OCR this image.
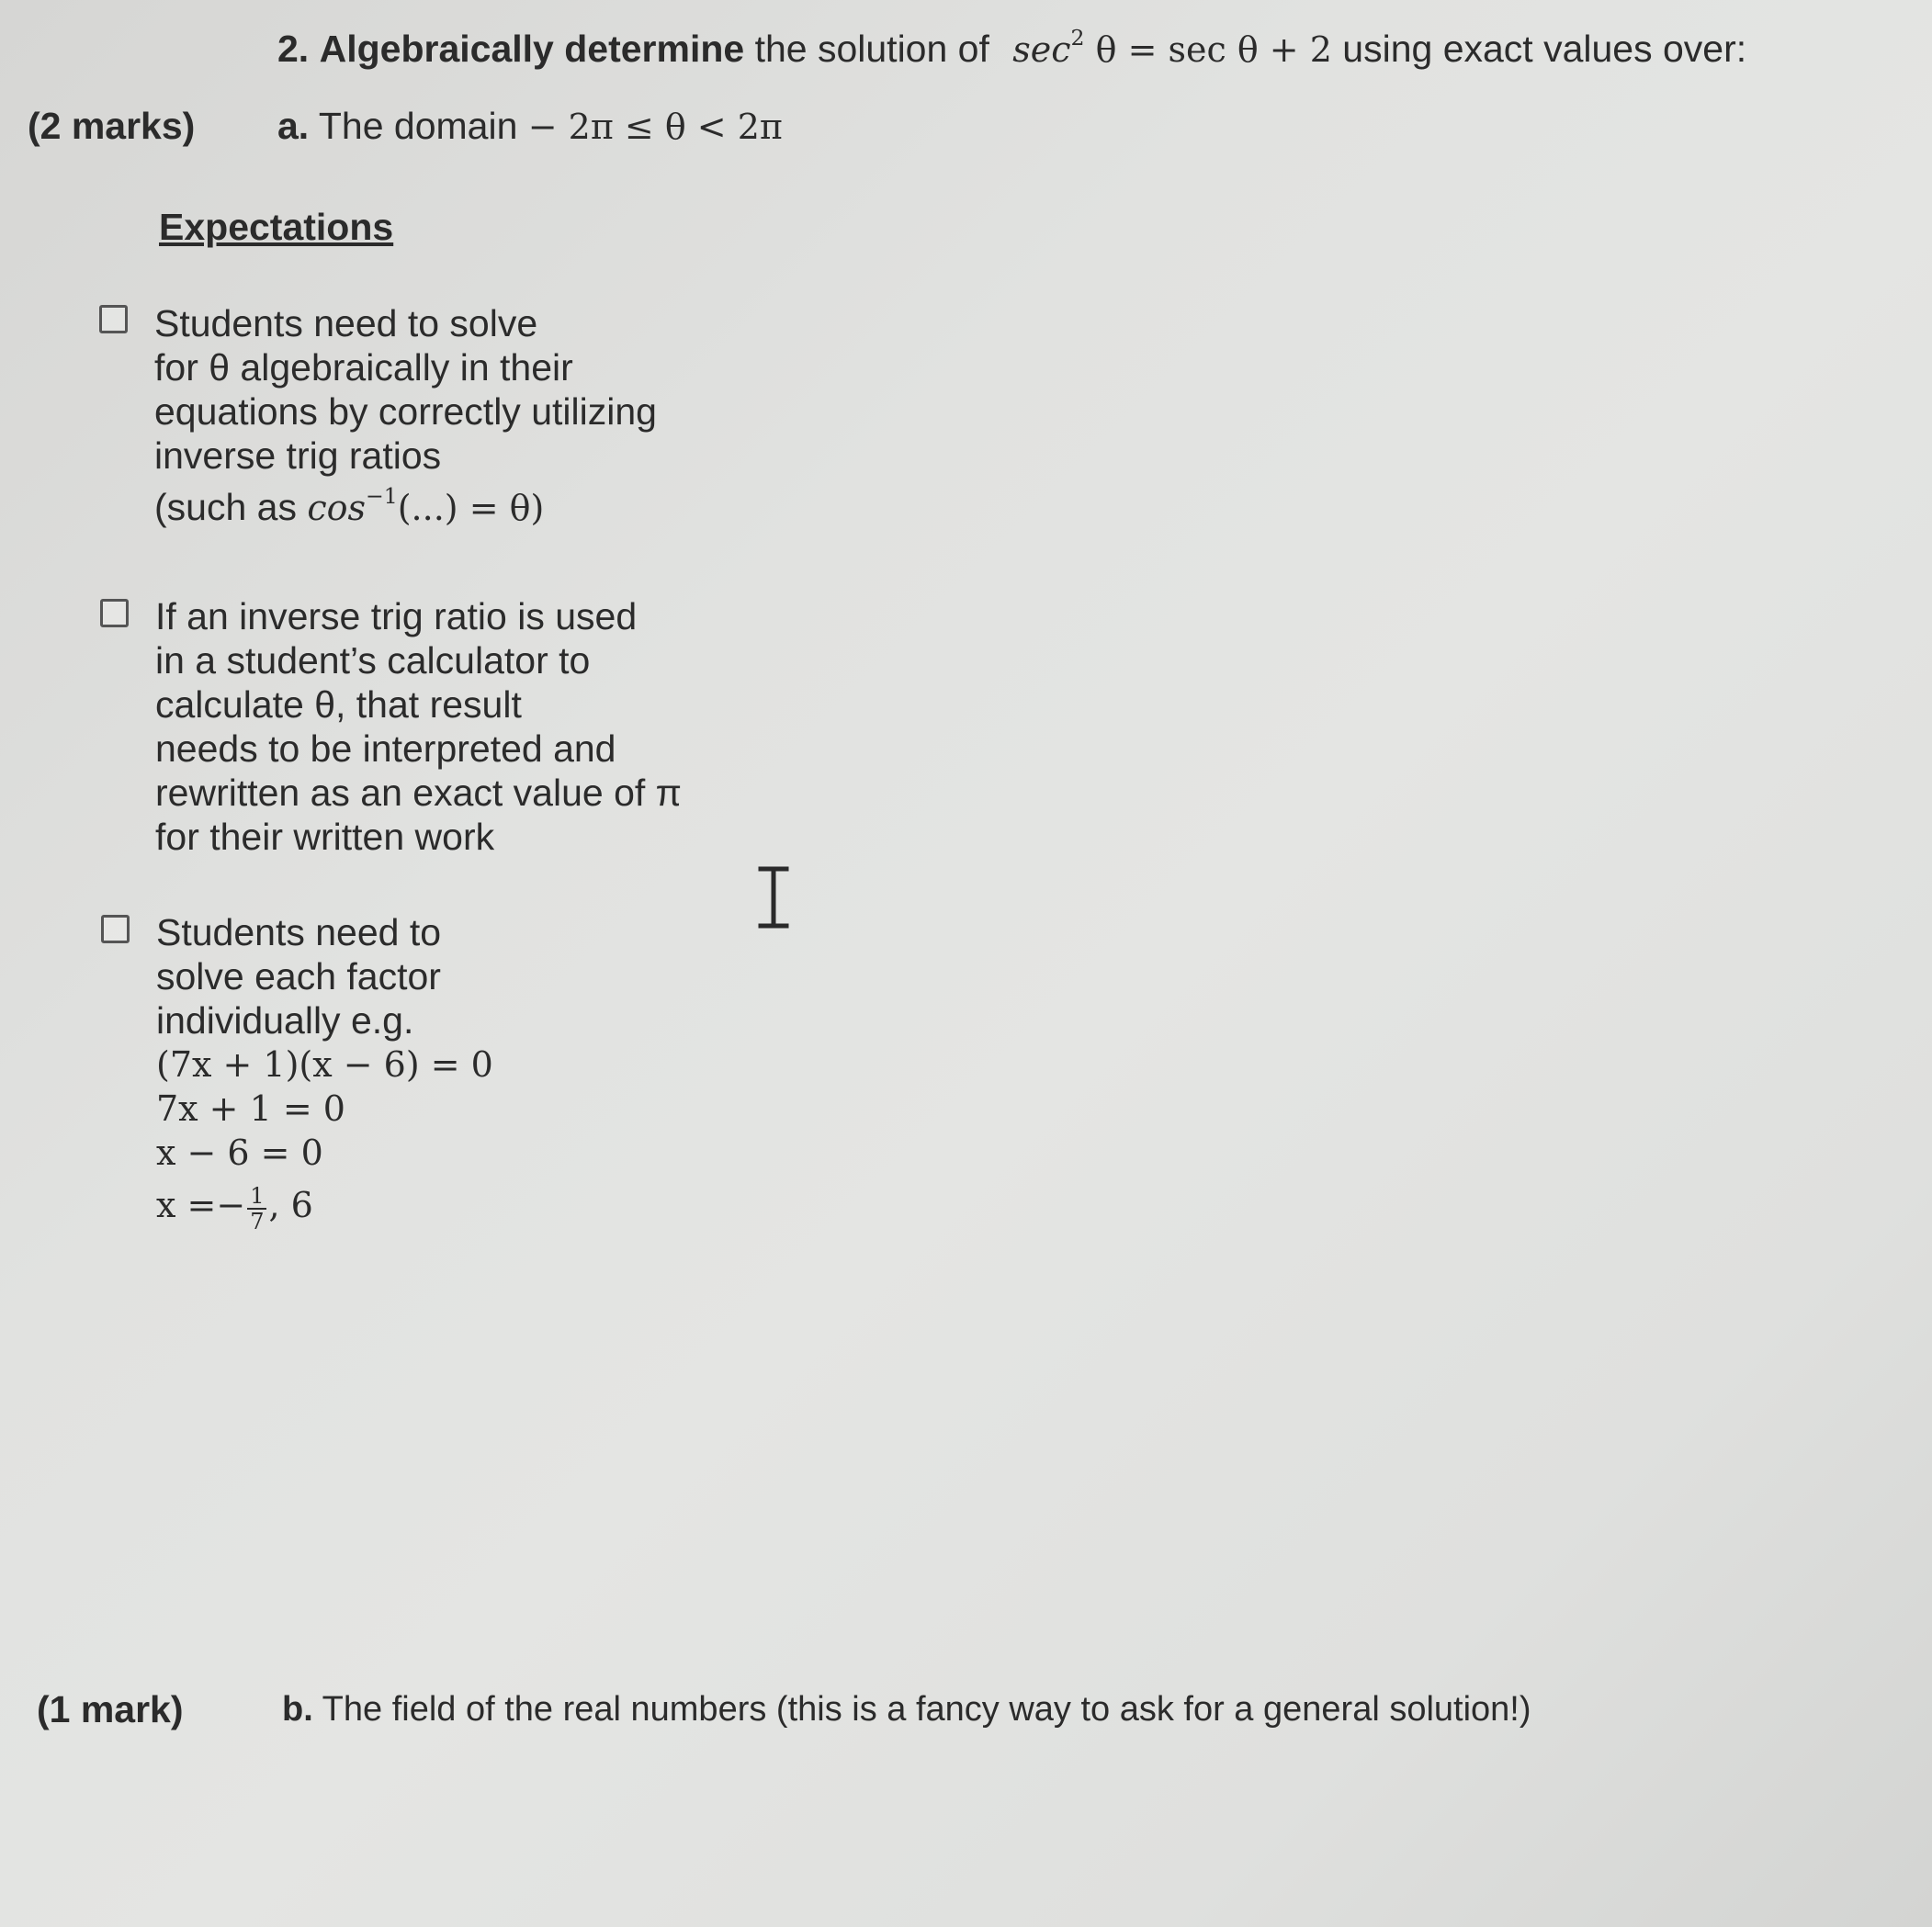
2. Algebraically determine the solution of $\sec^2 \theta = \sec \theta + 2$ using exact values over:
(2 marks) a. The domain − 2π ≤ θ < 2π
Expectations
Students need to solve
for θ algebraically in their
equations by correctly utilizing
inverse trig ratios
(such as $\cos^{-1}(...) = \theta$)
If an inverse trig ratio is used
in a student’s calculator to
calculate θ, that result
needs to be interpreted and
rewritten as an exact value of π
for their written work
Students need to
solve each factor
individually e.g.
(7x + 1)(x − 6) = 0
7x + 1 = 0
x − 6 = 0
$x =- \frac{1}{7}$ , 6
(1 mark)	b. The field of the real numbers (this is a fancy way to ask for a general solution!)
